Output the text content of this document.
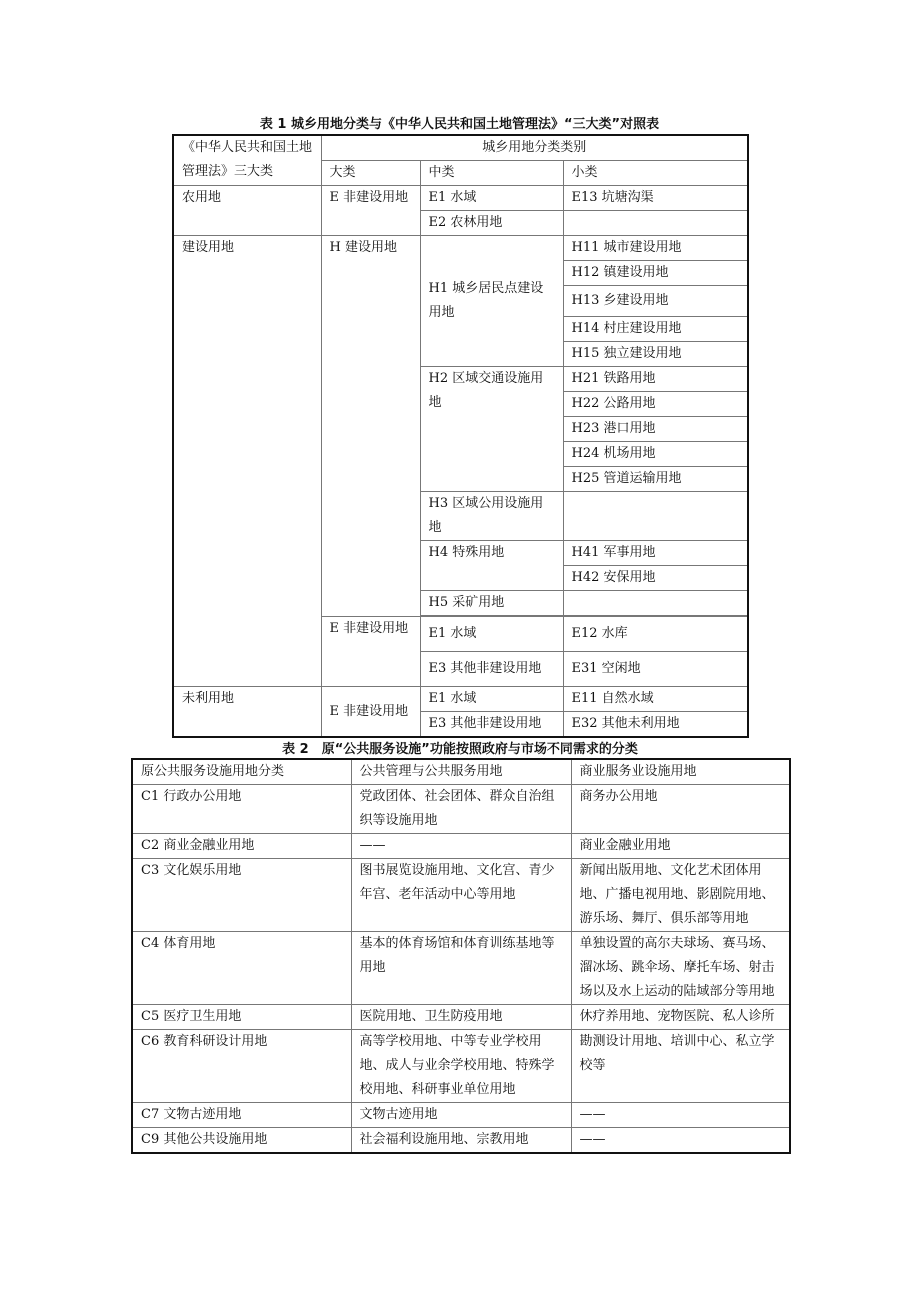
表 1 城乡用地分类与《中华人民共和国土地管理法》“三大类”对照表
《中华人民共和国土地管理法》三大类	城乡用地分类类别		
	大类	中类	小类
农用地	E 非建设用地	E1 水域	E13 坑塘沟渠
		E2 农林用地	
建设用地	H 建设用地	H1 城乡居民点建设用地	H11 城市建设用地
			H12 镇建设用地
			H13 乡建设用地
			H14 村庄建设用地
			H15 独立建设用地
		H2 区域交通设施用地	H21 铁路用地
			H22 公路用地
			H23 港口用地
			H24 机场用地
			H25 管道运输用地
		H3 区域公用设施用地	
		H4 特殊用地	H41 军事用地
			H42 安保用地
		H5 采矿用地	

	E 非建设用地	E1 水域	E12 水库

		E3 其他非建设用地	E31 空闲地

未利用地	E 非建设用地	E1 水域	E11 自然水域
		E3 其他非建设用地	E32 其他未利用地
表 2　原“公共服务设施”功能按照政府与市场不同需求的分类
原公共服务设施用地分类	公共管理与公共服务用地	商业服务业设施用地
C1 行政办公用地	党政团体、社会团体、群众自治组织等设施用地	商务办公用地
C2 商业金融业用地	——	商业金融业用地
C3 文化娱乐用地	图书展览设施用地、文化宫、青少年宫、老年活动中心等用地	新闻出版用地、文化艺术团体用地、广播电视用地、影剧院用地、游乐场、舞厅、俱乐部等用地
C4 体育用地	基本的体育场馆和体育训练基地等用地	单独设置的高尔夫球场、赛马场、溜冰场、跳伞场、摩托车场、射击场以及水上运动的陆域部分等用地
C5 医疗卫生用地	医院用地、卫生防疫用地	休疗养用地、宠物医院、私人诊所
C6 教育科研设计用地	高等学校用地、中等专业学校用地、成人与业余学校用地、特殊学校用地、科研事业单位用地	勘测设计用地、培训中心、私立学校等
C7 文物古迹用地	文物古迹用地	——
C9 其他公共设施用地	社会福利设施用地、宗教用地	——
